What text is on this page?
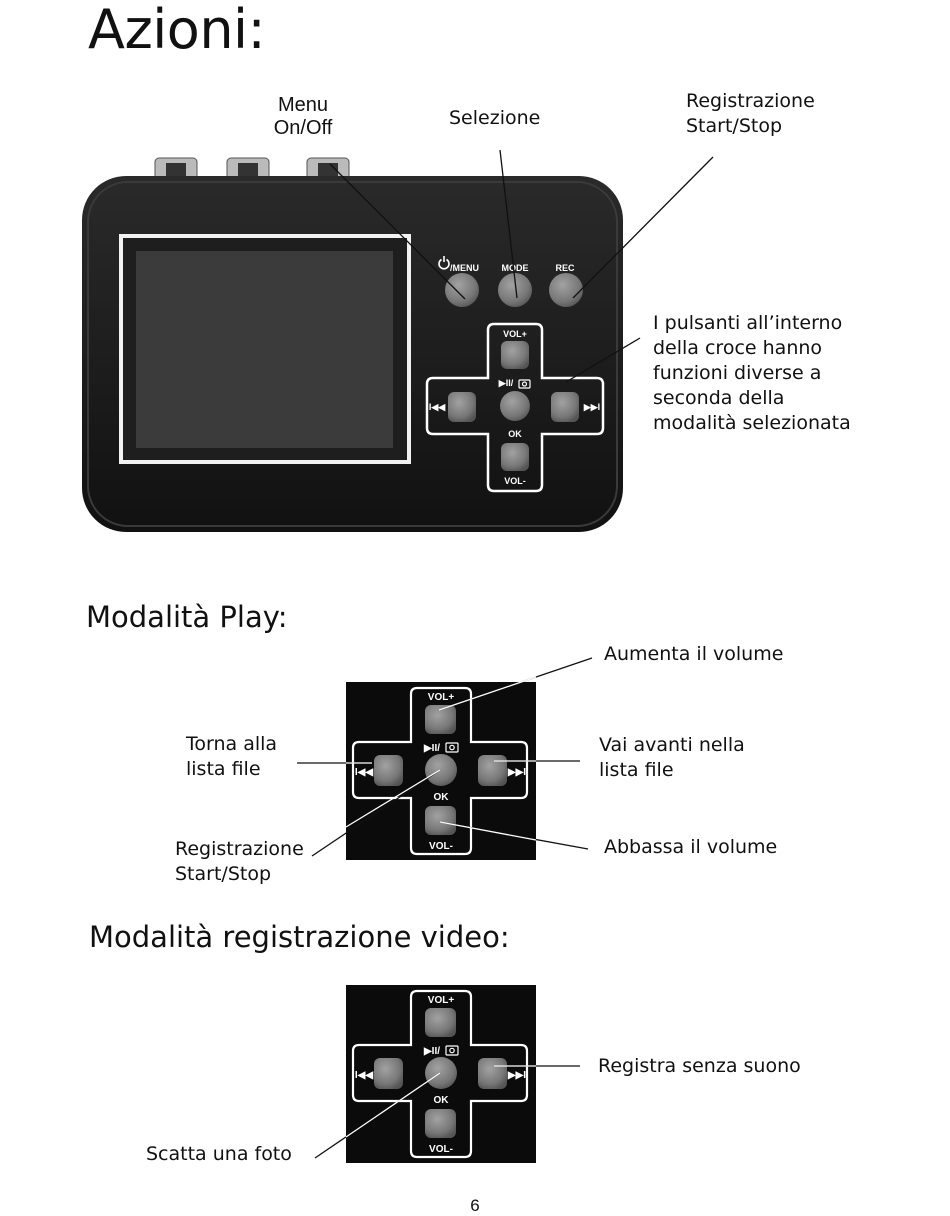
Azioni:
Menu
On/Off	Selezione
Registrazione
Start/Stop
I pulsanti all’interno
della croce hanno
funzioni diverse a
seconda della
modalità selezionata
Modalità Play:
Aumenta il volume
Torna alla
lista file
Vai avanti nella
lista file
Registrazione
Start/Stop
Abbassa il volume
Modalità registrazione video:
Registra senza suono
Scatta una foto
6
/MENU	MODE	REC
VOL+
VOL-
OK
▶II/
I◀◀	▶▶I
VOL+
VOL-
OK
▶II/
I◀◀	▶▶I
VOL+
VOL-
OK
▶II/
I◀◀	▶▶I
